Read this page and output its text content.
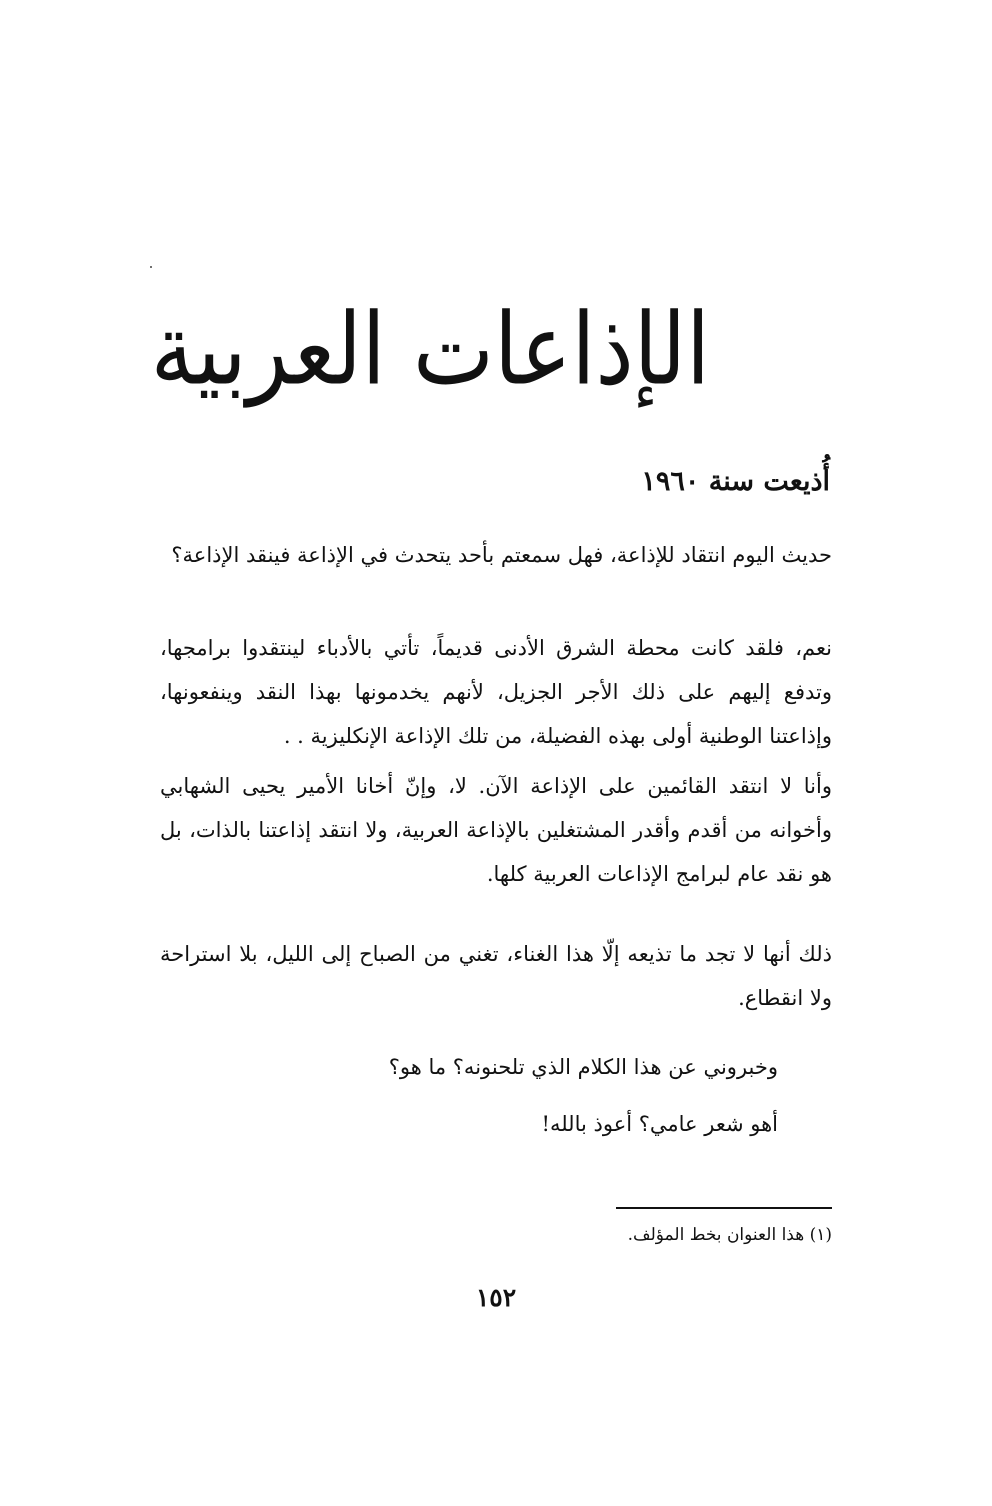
الإذاعات العربية
أُذيعت سنة ١٩٦٠

حديث اليوم انتقاد للإذاعة، فهل سمعتم بأحد يتحدث في الإذاعة فينقد الإذاعة؟

نعم، فلقد كانت محطة الشرق الأدنى قديماً، تأتي بالأدباء لينتقدوا برامجها، وتدفع إليهم على ذلك الأجر الجزيل، لأنهم يخدمونها بهذا النقد وينفعونها، وإذاعتنا الوطنية أولى بهذه الفضيلة، من تلك الإذاعة الإنكليزية . .

وأنا لا انتقد القائمين على الإذاعة الآن. لا، وإنّ أخانا الأمير يحيى الشهابي وأخوانه من أقدم وأقدر المشتغلين بالإذاعة العربية، ولا انتقد إذاعتنا بالذات، بل هو نقد عام لبرامج الإذاعات العربية كلها.

ذلك أنها لا تجد ما تذيعه إلّا هذا الغناء، تغني من الصباح إلى الليل، بلا استراحة ولا انقطاع.

وخبروني عن هذا الكلام الذي تلحنونه؟ ما هو؟

أهو شعر عامي؟ أعوذ بالله!

(١) هذا العنوان بخط المؤلف.
١٥٢
